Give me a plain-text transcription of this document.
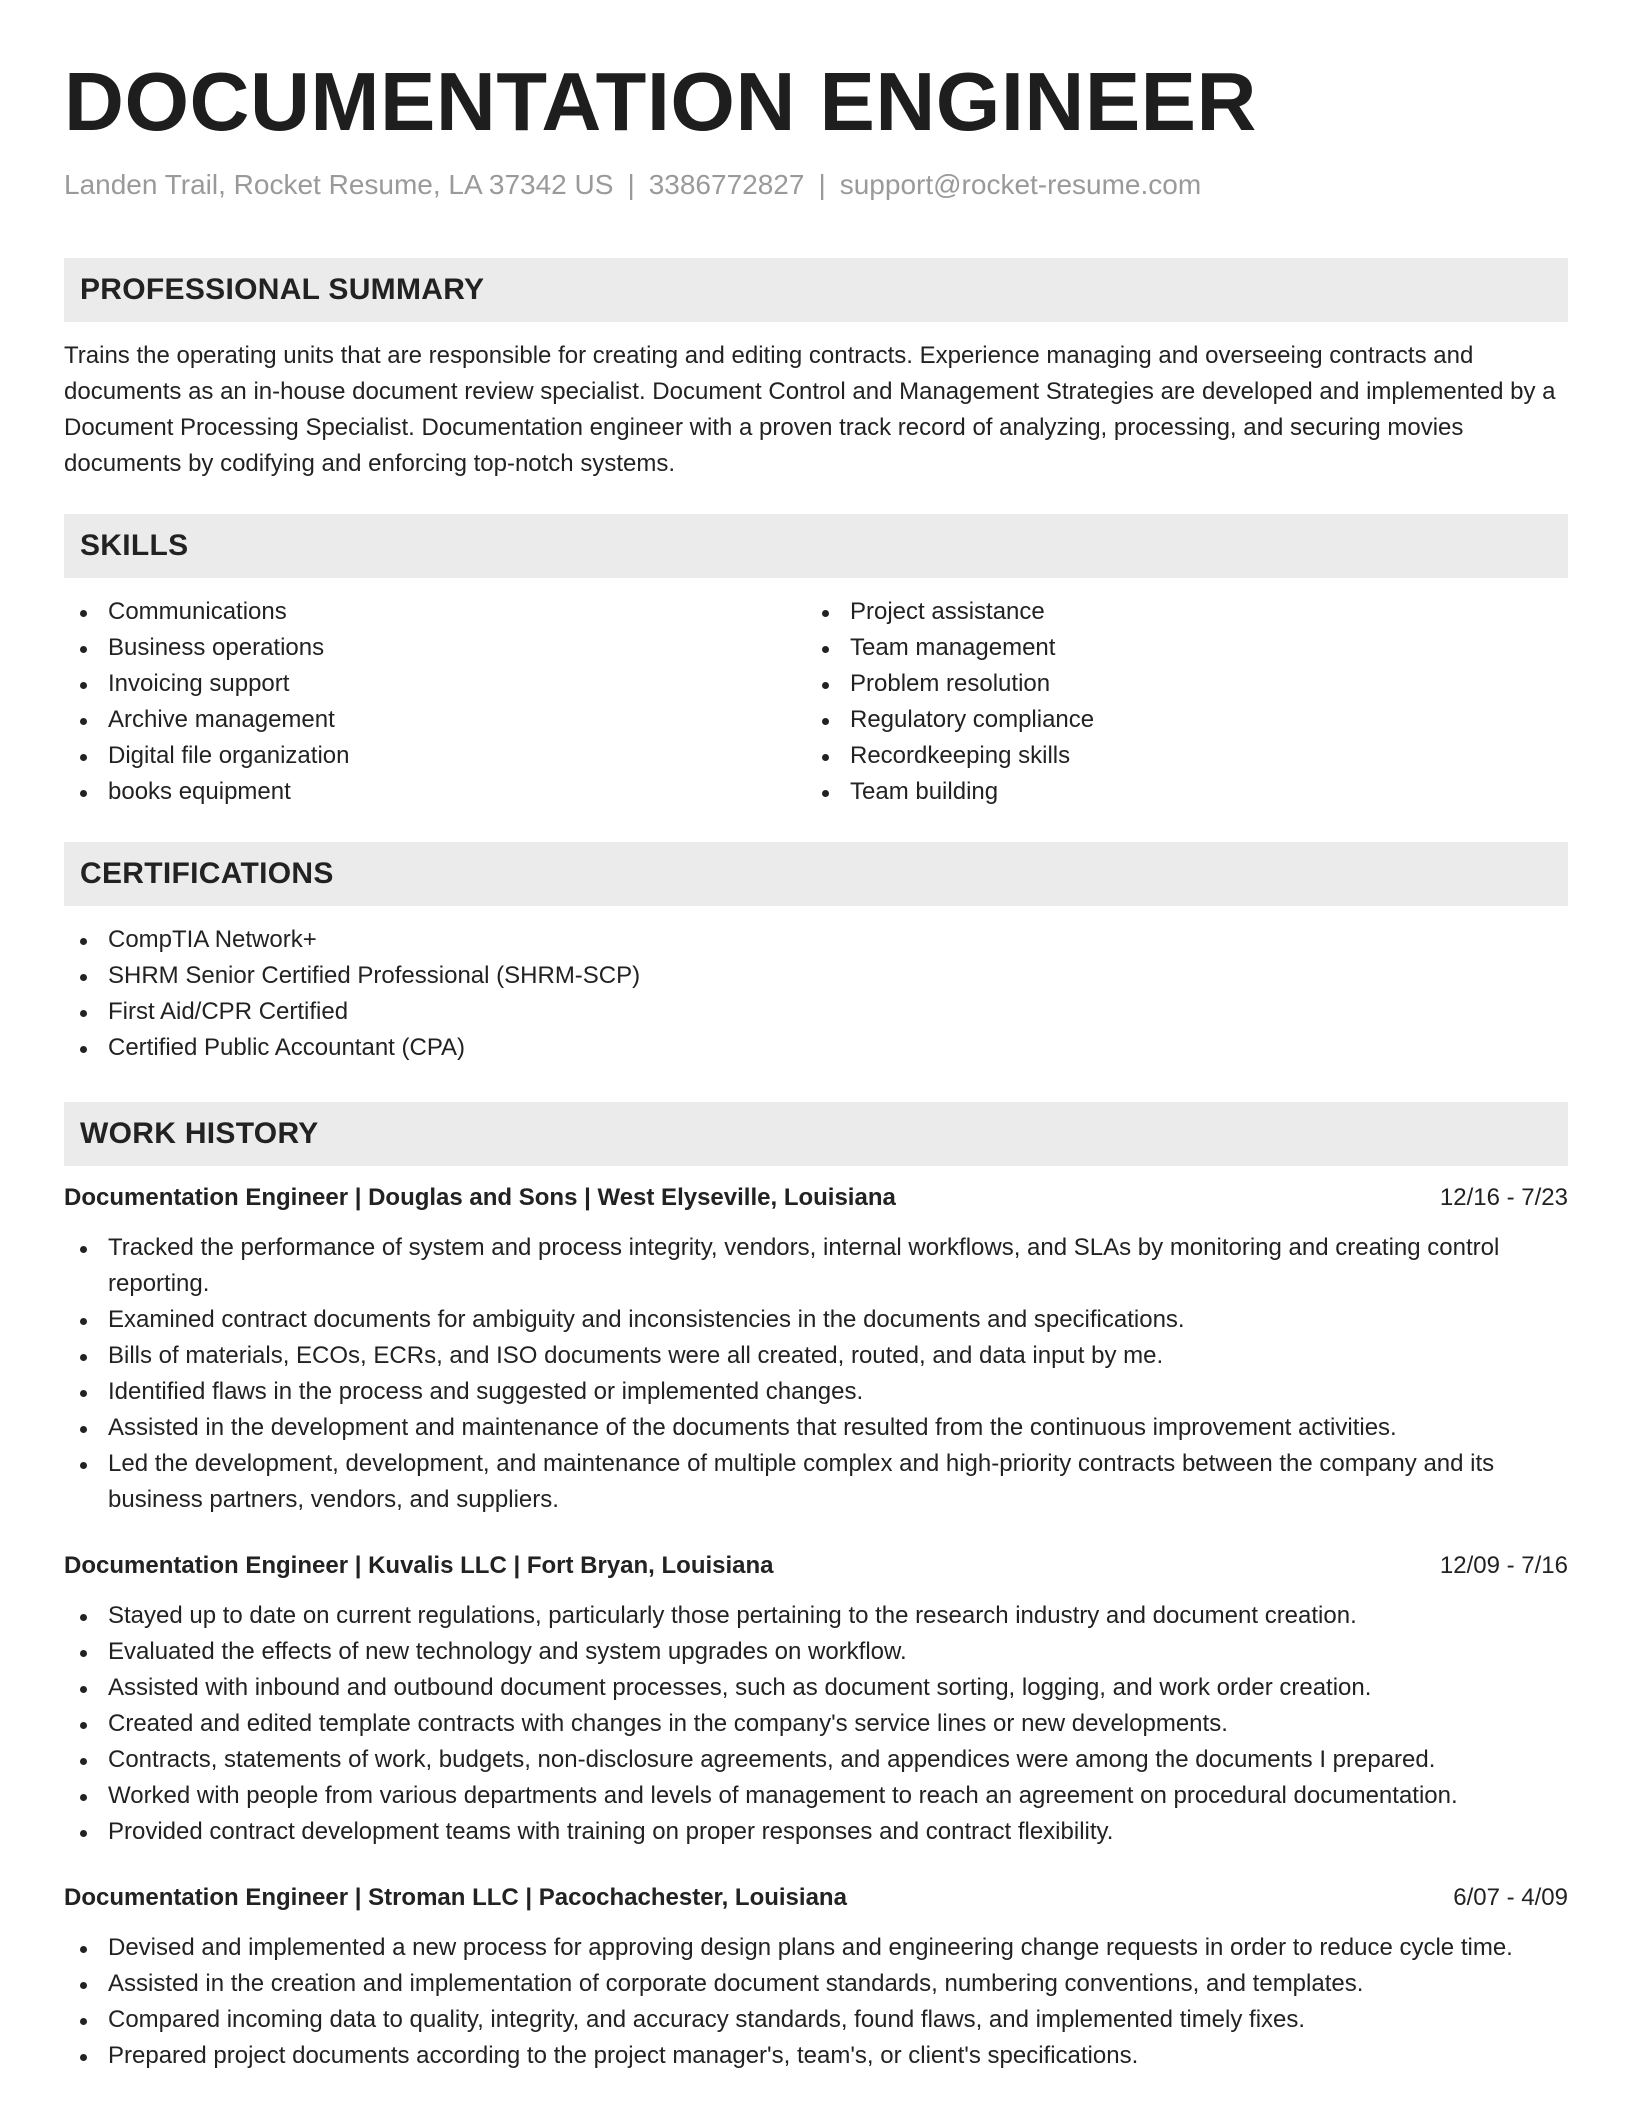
DOCUMENTATION ENGINEER
Landen Trail, Rocket Resume, LA 37342 US | 3386772827 | support@rocket-resume.com
PROFESSIONAL SUMMARY
Trains the operating units that are responsible for creating and editing contracts. Experience managing and overseeing contracts and documents as an in-house document review specialist. Document Control and Management Strategies are developed and implemented by a Document Processing Specialist. Documentation engineer with a proven track record of analyzing, processing, and securing movies documents by codifying and enforcing top-notch systems.
SKILLS
Communications
Business operations
Invoicing support
Archive management
Digital file organization
books equipment
Project assistance
Team management
Problem resolution
Regulatory compliance
Recordkeeping skills
Team building
CERTIFICATIONS
CompTIA Network+
SHRM Senior Certified Professional (SHRM-SCP)
First Aid/CPR Certified
Certified Public Accountant (CPA)
WORK HISTORY
Documentation Engineer | Douglas and Sons | West Elyseville, Louisiana	12/16 - 7/23
Tracked the performance of system and process integrity, vendors, internal workflows, and SLAs by monitoring and creating control reporting.
Examined contract documents for ambiguity and inconsistencies in the documents and specifications.
Bills of materials, ECOs, ECRs, and ISO documents were all created, routed, and data input by me.
Identified flaws in the process and suggested or implemented changes.
Assisted in the development and maintenance of the documents that resulted from the continuous improvement activities.
Led the development, development, and maintenance of multiple complex and high-priority contracts between the company and its business partners, vendors, and suppliers.
Documentation Engineer | Kuvalis LLC | Fort Bryan, Louisiana	12/09 - 7/16
Stayed up to date on current regulations, particularly those pertaining to the research industry and document creation.
Evaluated the effects of new technology and system upgrades on workflow.
Assisted with inbound and outbound document processes, such as document sorting, logging, and work order creation.
Created and edited template contracts with changes in the company's service lines or new developments.
Contracts, statements of work, budgets, non-disclosure agreements, and appendices were among the documents I prepared.
Worked with people from various departments and levels of management to reach an agreement on procedural documentation.
Provided contract development teams with training on proper responses and contract flexibility.
Documentation Engineer | Stroman LLC | Pacochachester, Louisiana	6/07 - 4/09
Devised and implemented a new process for approving design plans and engineering change requests in order to reduce cycle time.
Assisted in the creation and implementation of corporate document standards, numbering conventions, and templates.
Compared incoming data to quality, integrity, and accuracy standards, found flaws, and implemented timely fixes.
Prepared project documents according to the project manager's, team's, or client's specifications.
